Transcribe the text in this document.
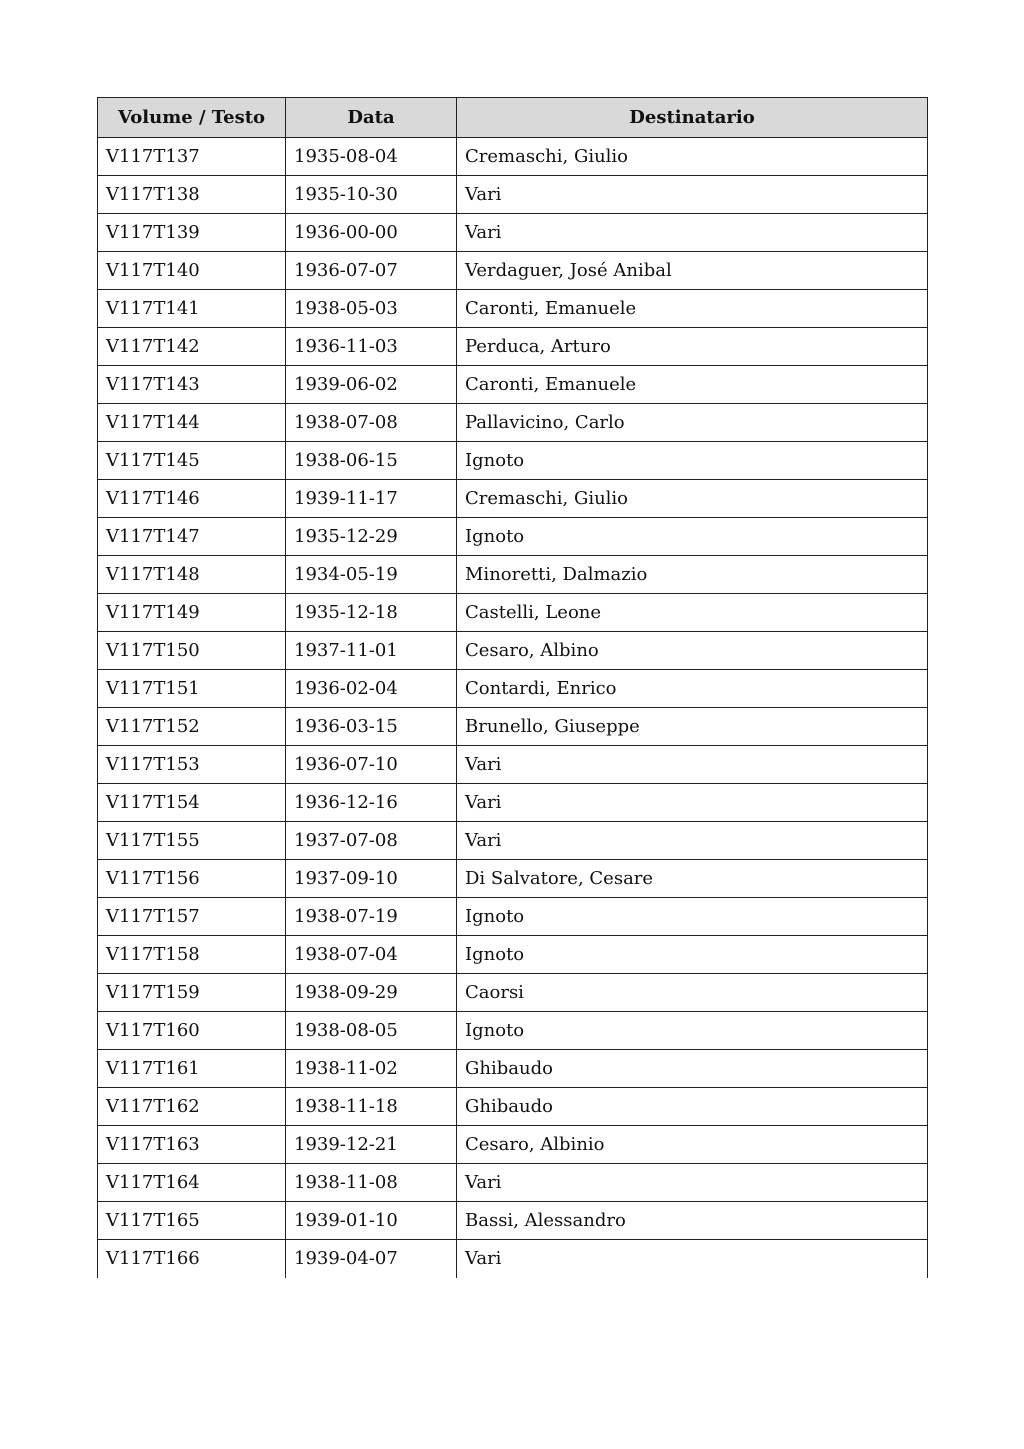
Volume / Testo	Data	Destinatario
V117T137	1935-08-04	Cremaschi, Giulio
V117T138	1935-10-30	Vari
V117T139	1936-00-00	Vari
V117T140	1936-07-07	Verdaguer, José Anibal
V117T141	1938-05-03	Caronti, Emanuele
V117T142	1936-11-03	Perduca, Arturo
V117T143	1939-06-02	Caronti, Emanuele
V117T144	1938-07-08	Pallavicino, Carlo
V117T145	1938-06-15	Ignoto
V117T146	1939-11-17	Cremaschi, Giulio
V117T147	1935-12-29	Ignoto
V117T148	1934-05-19	Minoretti, Dalmazio
V117T149	1935-12-18	Castelli, Leone
V117T150	1937-11-01	Cesaro, Albino
V117T151	1936-02-04	Contardi, Enrico
V117T152	1936-03-15	Brunello, Giuseppe
V117T153	1936-07-10	Vari
V117T154	1936-12-16	Vari
V117T155	1937-07-08	Vari
V117T156	1937-09-10	Di Salvatore, Cesare
V117T157	1938-07-19	Ignoto
V117T158	1938-07-04	Ignoto
V117T159	1938-09-29	Caorsi
V117T160	1938-08-05	Ignoto
V117T161	1938-11-02	Ghibaudo
V117T162	1938-11-18	Ghibaudo
V117T163	1939-12-21	Cesaro, Albinio
V117T164	1938-11-08	Vari
V117T165	1939-01-10	Bassi, Alessandro
V117T166	1939-04-07	Vari
